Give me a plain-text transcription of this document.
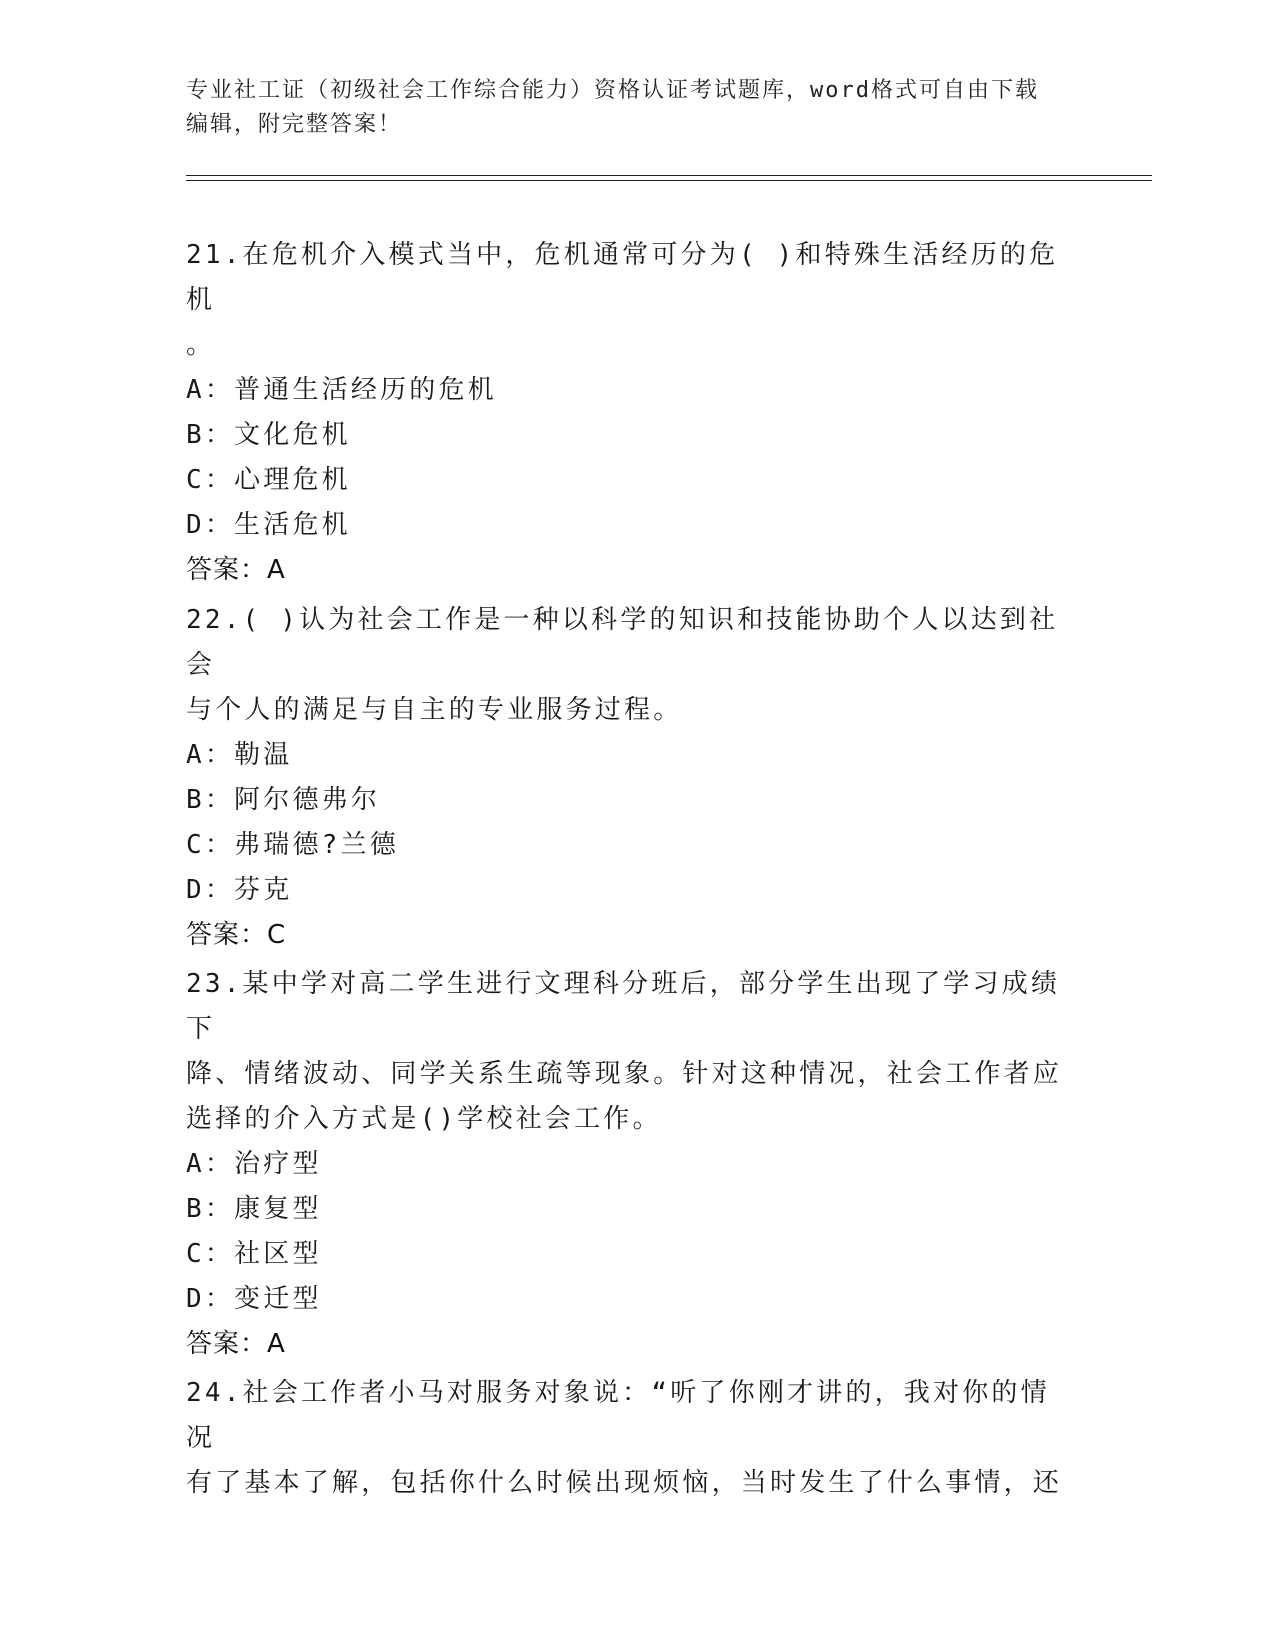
专业社工证（初级社会工作综合能力）资格认证考试题库，word格式可自由下载
编辑，附完整答案！

21.在危机介入模式当中，危机通常可分为( )和特殊生活经历的危机

。

A：普通生活经历的危机

B：文化危机

C：心理危机

D：生活危机

答案：A

22.( )认为社会工作是一种以科学的知识和技能协助个人以达到社会

与个人的满足与自主的专业服务过程。

A：勒温

B：阿尔德弗尔

C：弗瑞德?兰德

D：芬克

答案：C

23.某中学对高二学生进行文理科分班后，部分学生出现了学习成绩下

降、情绪波动、同学关系生疏等现象。针对这种情况，社会工作者应

选择的介入方式是()学校社会工作。

A：治疗型

B：康复型

C：社区型

D：变迁型

答案：A

24.社会工作者小马对服务对象说：“听了你刚才讲的，我对你的情况

有了基本了解，包括你什么时候出现烦恼，当时发生了什么事情，还
